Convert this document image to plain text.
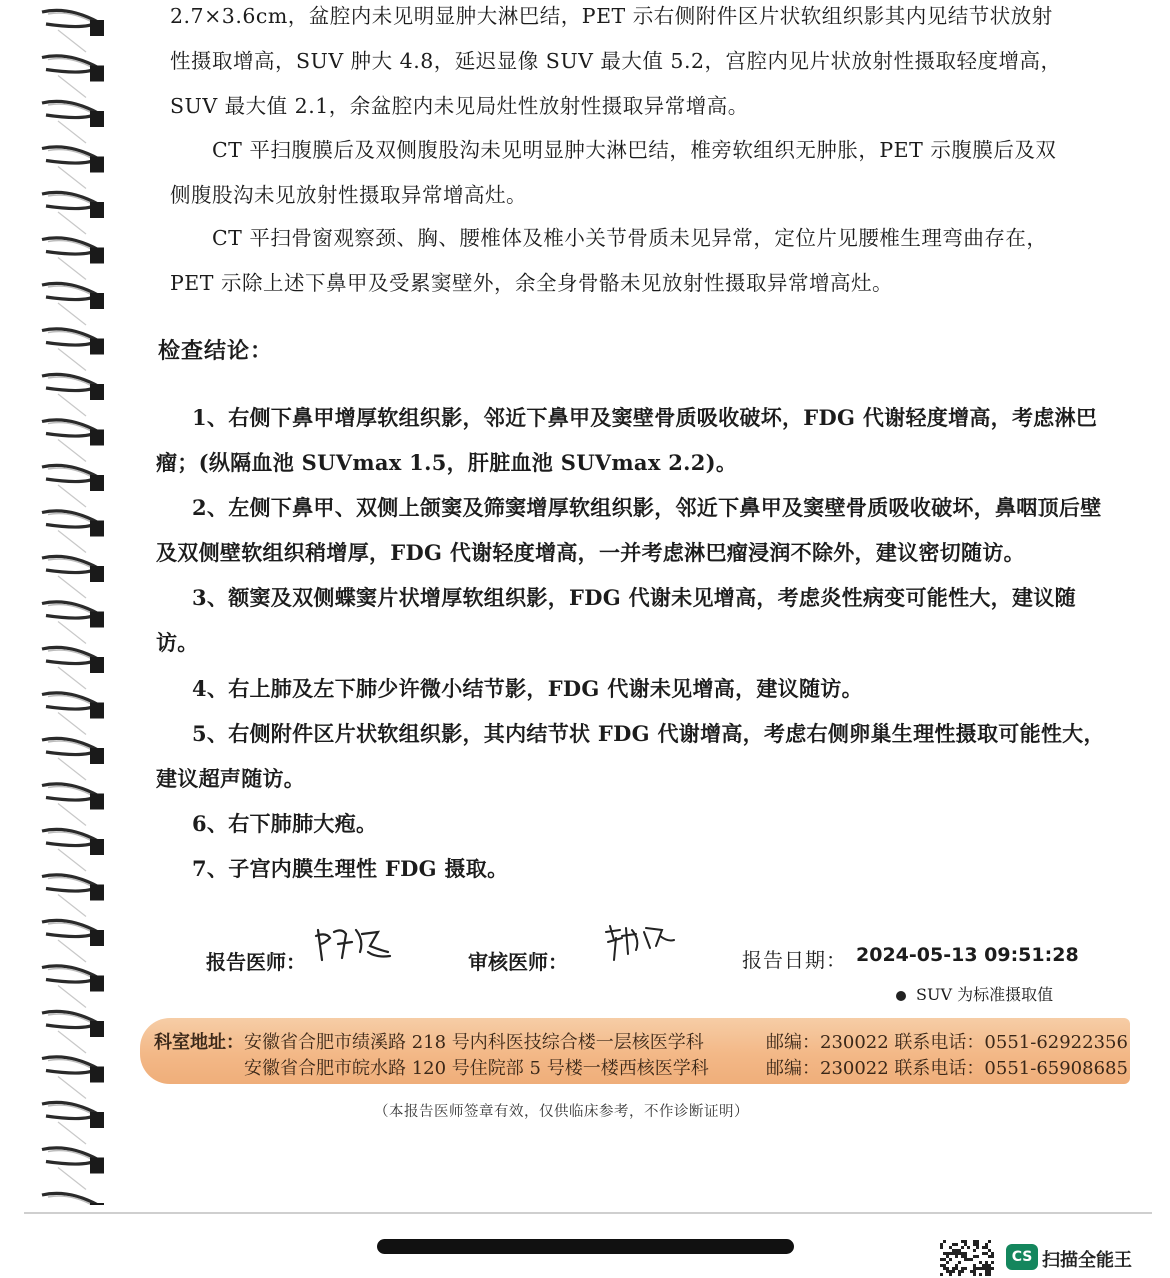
2.7×3.6cm，盆腔内未见明显肿大淋巴结，PET 示右侧附件区片状软组织影其内见结节状放射性摄取增高，SUV 肿大 4.8，延迟显像 SUV 最大值 5.2，宫腔内见片状放射性摄取轻度增高，SUV 最大值 2.1，余盆腔内未见局灶性放射性摄取异常增高。

CT 平扫腹膜后及双侧腹股沟未见明显肿大淋巴结，椎旁软组织无肿胀，PET 示腹膜后及双侧腹股沟未见放射性摄取异常增高灶。

CT 平扫骨窗观察颈、胸、腰椎体及椎小关节骨质未见异常，定位片见腰椎生理弯曲存在，PET 示除上述下鼻甲及受累窦壁外，余全身骨骼未见放射性摄取异常增高灶。

检查结论：

1、右侧下鼻甲增厚软组织影，邻近下鼻甲及窦壁骨质吸收破坏，FDG 代谢轻度增高，考虑淋巴瘤；(纵隔血池 SUVmax 1.5，肝脏血池 SUVmax 2.2)。

2、左侧下鼻甲、双侧上颌窦及筛窦增厚软组织影，邻近下鼻甲及窦壁骨质吸收破坏，鼻咽顶后壁及双侧壁软组织稍增厚，FDG 代谢轻度增高，一并考虑淋巴瘤浸润不除外，建议密切随访。

3、额窦及双侧蝶窦片状增厚软组织影，FDG 代谢未见增高，考虑炎性病变可能性大，建议随访。

4、右上肺及左下肺少许微小结节影，FDG 代谢未见增高，建议随访。

5、右侧附件区片状软组织影，其内结节状 FDG 代谢增高，考虑右侧卵巢生理性摄取可能性大，建议超声随访。

6、右下肺肺大疱。

7、子宫内膜生理性 FDG 摄取。

报告医师：	审核医师：	报告日期： 2024-05-13 09:51:28
SUV 为标准摄取值
科室地址： 安徽省合肥市绩溪路 218 号内科医技综合楼一层核医学科	邮编：230022 联系电话：0551-62922356
安徽省合肥市皖水路 120 号住院部 5 号楼一楼西核医学科	邮编：230022 联系电话：0551-65908685
（本报告医师签章有效，仅供临床参考，不作诊断证明）
CS 扫描全能王
